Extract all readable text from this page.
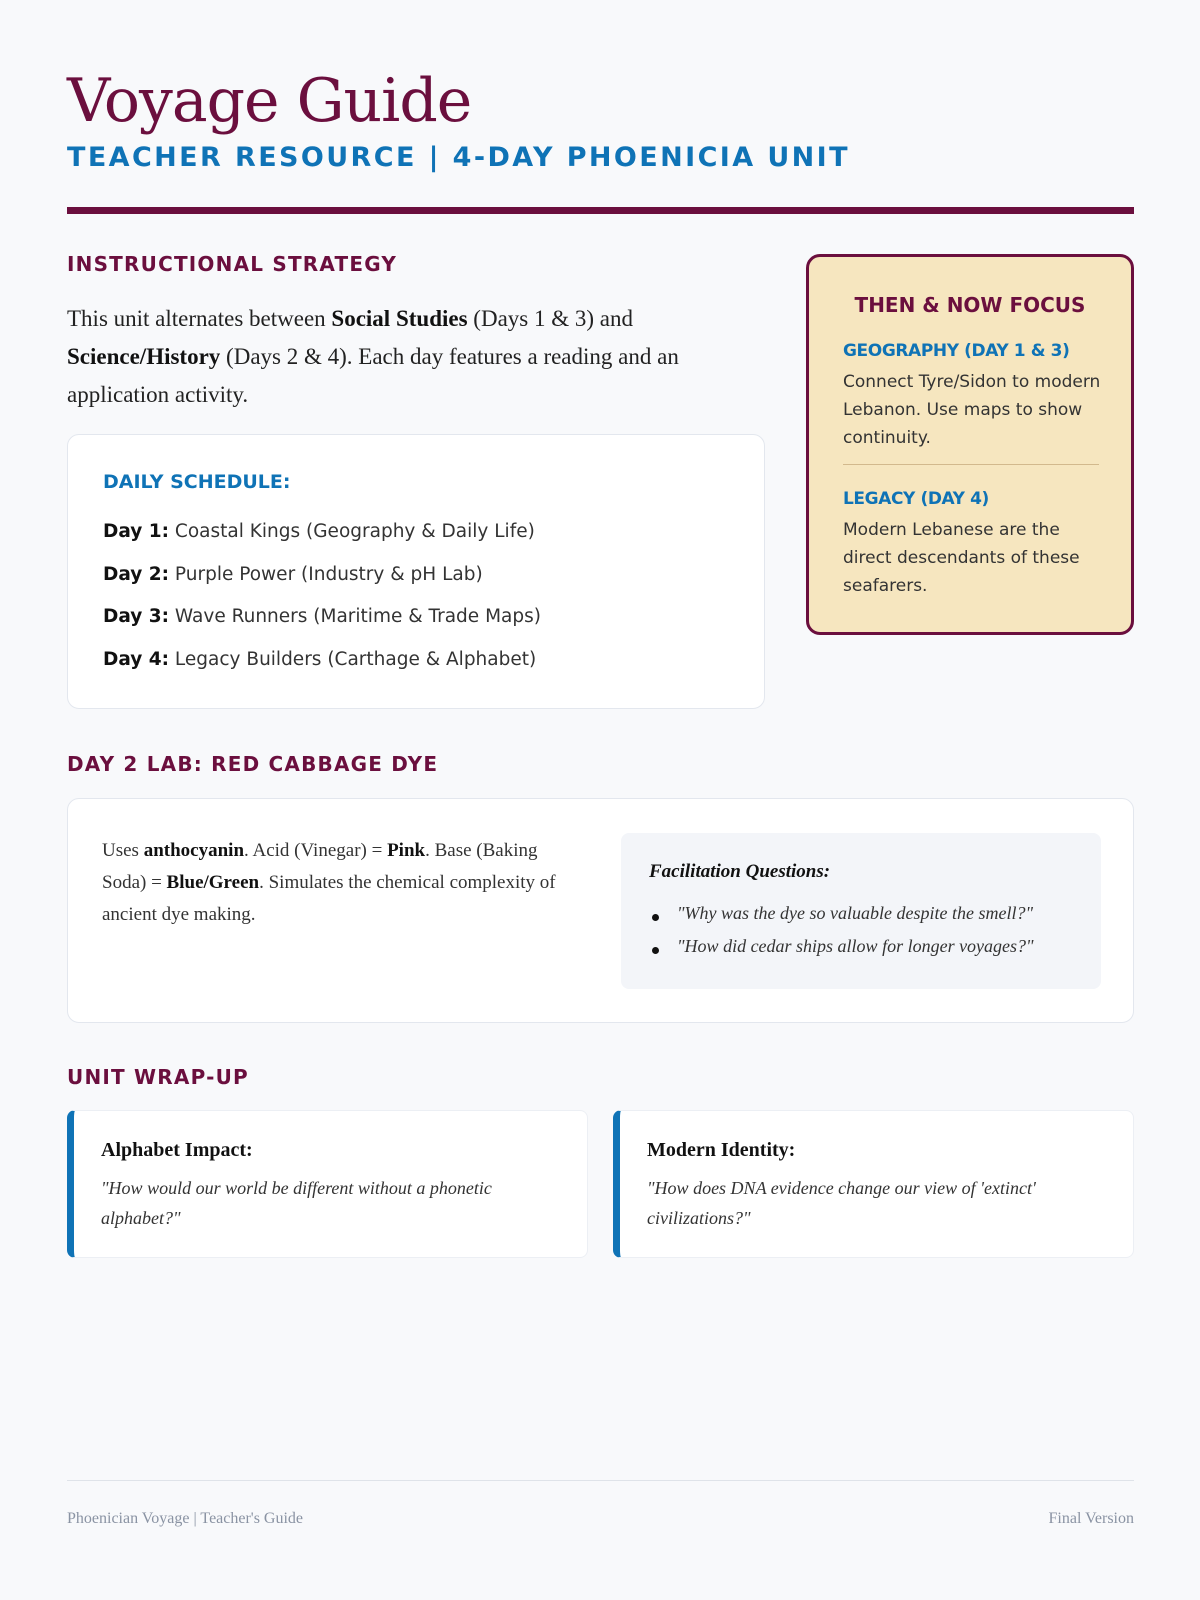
Voyage Guide
TEACHER RESOURCE | 4-DAY PHOENICIA UNIT
INSTRUCTIONAL STRATEGY

This unit alternates between Social Studies (Days 1 & 3) and Science/History (Days 2 & 4). Each day features a reading and an application activity.

DAILY SCHEDULE:
Day 1: Coastal Kings (Geography & Daily Life)
Day 2: Purple Power (Industry & pH Lab)
Day 3: Wave Runners (Maritime & Trade Maps)
Day 4: Legacy Builders (Carthage & Alphabet)
THEN & NOW FOCUS
GEOGRAPHY (DAY 1 & 3)
Connect Tyre/Sidon to modern Lebanon. Use maps to show continuity.
LEGACY (DAY 4)
Modern Lebanese are the direct descendants of these seafarers.
DAY 2 LAB: RED CABBAGE DYE

Uses anthocyanin. Acid (Vinegar) = Pink. Base (Baking Soda) = Blue/Green. Simulates the chemical complexity of ancient dye making.

Facilitation Questions:
"Why was the dye so valuable despite the smell?"
"How did cedar ships allow for longer voyages?"
UNIT WRAP-UP
Alphabet Impact:
"How would our world be different without a phonetic alphabet?"
Modern Identity:
"How does DNA evidence change our view of 'extinct' civilizations?"
Phoenician Voyage | Teacher's Guide	Final Version
